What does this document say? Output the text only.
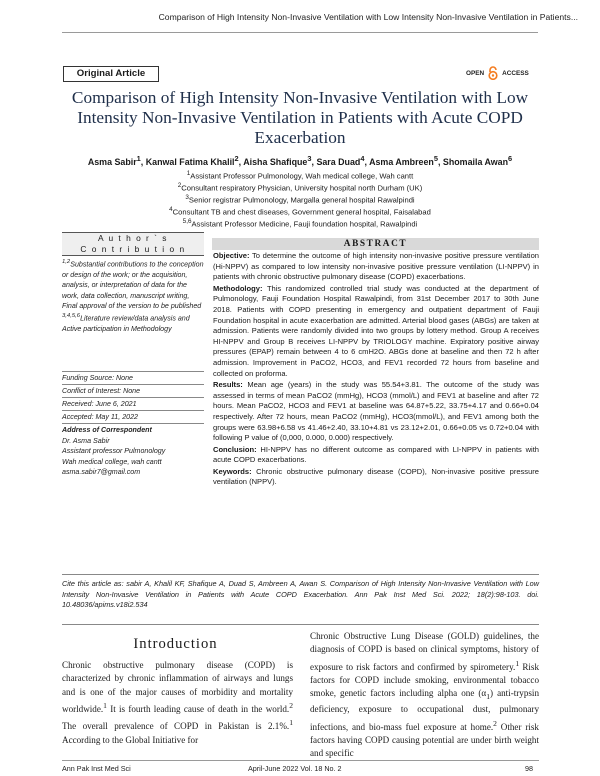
Comparison of High Intensity Non-Invasive Ventilation with Low Intensity Non-Invasive Ventilation in Patients...
Original Article	OPEN	ACCESS
Comparison of High Intensity Non-Invasive Ventilation with Low Intensity Non-Invasive Ventilation in Patients with Acute COPD Exacerbation
Asma Sabir$^1$, Kanwal Fatima Khalil$^2$, Aisha Shafique$^3$, Sara Duad$^4$, Asma Ambreen$^5$, Shomaila Awan$^6$
$^1$Assistant Professor Pulmonology, Wah medical college, Wah cantt
$^2$Consultant respiratory Physician, University hospital north Durham (UK)
$^3$Senior registrar Pulmonology, Margalla general hospital Rawalpindi
$^4$Consultant TB and chest diseases, Government general hospital, Faisalabad
$^{5,6}$Assistant Professor Medicine, Fauji foundation hospital, Rawalpindi
A u t h o r ` s
C o n t r i b u t i o n
$^{1,2}$Substantial contributions to the conception or design of the work; or the acquisition, analysis, or interpretation of data for the work, data collection, manuscript writing, Final approval of the version to be published $^{3,4,5,6}$Literature review/data analysis and Active participation in Methodology
Funding Source: None
Conflict of Interest: None
Received: June 6, 2021
Accepted: May 11, 2022
Address of Correspondent
Dr. Asma Sabir
Assistant professor Pulmonology
Wah medical college, wah cantt
asma.sabir7@gmail.com
ABSTRACT

Objective: To determine the outcome of high intensity non-invasive positive pressure ventilation (Hi-NPPV) as compared to low intensity non-invasive positive pressure ventilation (LI-NPPV) in patients with chronic obstructive pulmonary disease (COPD) exacerbations.

Methodology: This randomized controlled trial study was conducted at the department of Pulmonology, Fauji Foundation Hospital Rawalpindi, from 31st December 2017 to 30th June 2018. Patients with COPD presenting in emergency and outpatient department of Fauji Foundation hospital in acute exacerbation are admitted. Arterial blood gases (ABGs) are taken at admission. Patients were randomly divided into two groups by lottery method. Group A receives HI-NPPV and Group B receives LI-NPPV by TRIOLOGY machine. Expiratory positive airway pressures (EPAP) remain between 4 to 6 cmH2O. ABGs done at baseline and then 72 h after admission. Improvement in PaCO2, HCO3, and FEV1 recorded 72 hours from baseline and collected on proforma.

Results: Mean age (years) in the study was 55.54+3.81. The outcome of the study was assessed in terms of mean PaCO2 (mmHg), HCO3 (mmol/L) and FEV1 at baseline and after 72 hours. Mean PaCO2, HCO3 and FEV1 at baseline was 64.87+5.22, 33.75+4.17 and 0.66+0.04 respectively. After 72 hours, mean PaCO2 (mmHg), HCO3(mmol/L), and FEV1 among both the groups were 63.98+6.58 vs 41.46+2.40, 33.10+4.81 vs 23.12+2.01, 0.66+0.05 vs 0.72+0.04 with following P value of (0,000, 0.000, 0.000) respectively.

Conclusion: HI-NPPV has no different outcome as compared with LI-NPPV in patients with acute COPD exacerbations.

Keywords: Chronic obstructive pulmonary disease (COPD), Non-invasive positive pressure ventilation (NPPV).

Cite this article as: sabir A, Khalil KF, Shafique A, Duad S, Ambreen A, Awan S. Comparison of High Intensity Non-Invasive Ventilation with Low Intensity Non-Invasive Ventilation in Patients with Acute COPD Exacerbation. Ann Pak Inst Med Sci. 2022; 18(2):98-103. doi. 10.48036/apims.v18i2.534
Introduction

Chronic obstructive pulmonary disease (COPD) is characterized by chronic inflammation of airways and lungs and is one of the major causes of morbidity and mortality worldwide.$^1$ It is fourth leading cause of death in the world.$^2$ The overall prevalence of COPD in Pakistan is 2.1%.$^1$ According to the Global Initiative for

Chronic Obstructive Lung Disease (GOLD) guidelines, the diagnosis of COPD is based on clinical symptoms, history of exposure to risk factors and confirmed by spirometery.$^1$ Risk factors for COPD include smoking, environmental tobacco smoke, genetic factors including alpha one $(\alpha_1)$ anti-trypsin deficiency, exposure to occupational dust, pulmonary infections, and bio-mass fuel exposure at home.$^2$ Other risk factors having COPD causing potential are under birth weight and specific

Ann Pak Inst Med Sci	April-June 2022 Vol. 18 No. 2	98
